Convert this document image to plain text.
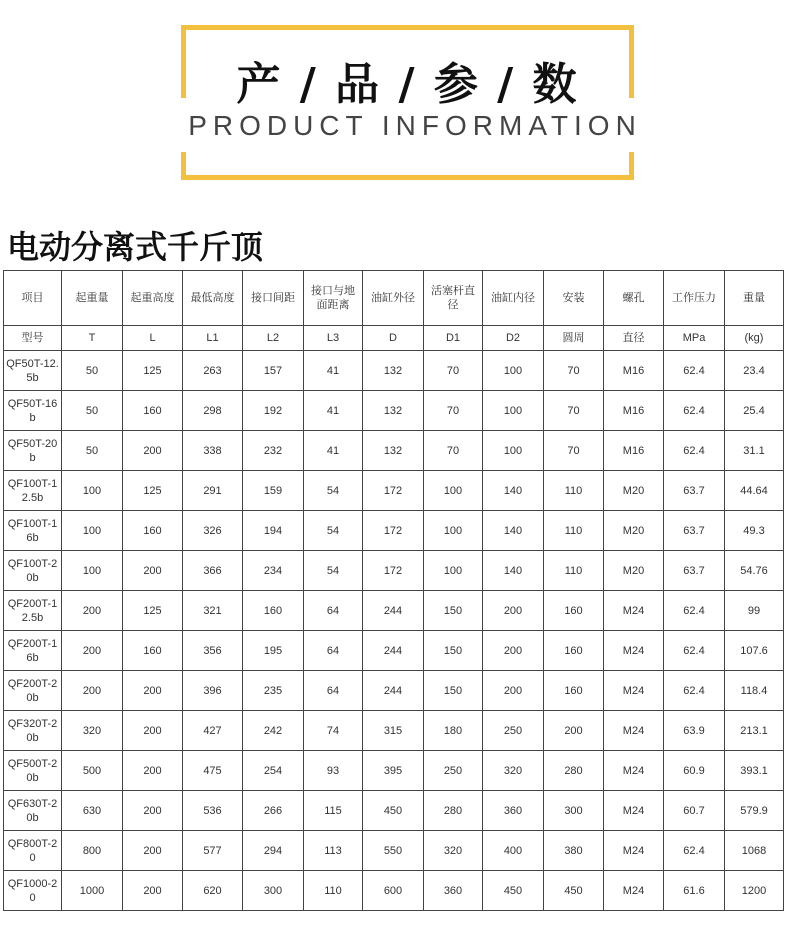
产 / 品 / 参 / 数
PRODUCT INFORMATION
电动分离式千斤顶
项目	起重量	起重高度	最低高度	接口间距	接口与地面距离	油缸外径	活塞杆直径	油缸内径	安装	螺孔	工作压力	重量
型号	T	L	L1	L2	L3	D	D1	D2	圆周	直径	MPa	(kg)
QF50T-12.5b	50	125	263	157	41	132	70	100	70	M16	62.4	23.4
QF50T-16b	50	160	298	192	41	132	70	100	70	M16	62.4	25.4
QF50T-20b	50	200	338	232	41	132	70	100	70	M16	62.4	31.1
QF100T-12.5b	100	125	291	159	54	172	100	140	110	M20	63.7	44.64
QF100T-16b	100	160	326	194	54	172	100	140	110	M20	63.7	49.3
QF100T-20b	100	200	366	234	54	172	100	140	110	M20	63.7	54.76
QF200T-12.5b	200	125	321	160	64	244	150	200	160	M24	62.4	99
QF200T-16b	200	160	356	195	64	244	150	200	160	M24	62.4	107.6
QF200T-20b	200	200	396	235	64	244	150	200	160	M24	62.4	118.4
QF320T-20b	320	200	427	242	74	315	180	250	200	M24	63.9	213.1
QF500T-20b	500	200	475	254	93	395	250	320	280	M24	60.9	393.1
QF630T-20b	630	200	536	266	115	450	280	360	300	M24	60.7	579.9
QF800T-20	800	200	577	294	113	550	320	400	380	M24	62.4	1068
QF1000-20	1000	200	620	300	110	600	360	450	450	M24	61.6	1200
